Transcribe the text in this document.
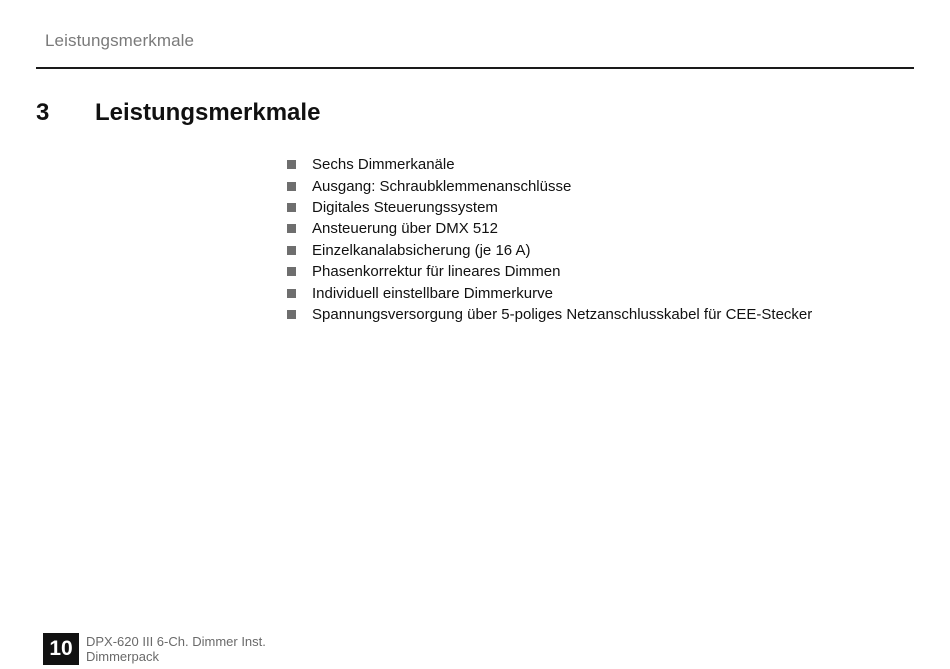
Leistungsmerkmale
3	Leistungsmerkmale
Sechs Dimmerkanäle
Ausgang: Schraubklemmenanschlüsse
Digitales Steuerungssystem
Ansteuerung über DMX 512
Einzelkanalabsicherung (je 16 A)
Phasenkorrektur für lineares Dimmen
Individuell einstellbare Dimmerkurve
Spannungsversorgung über 5-poliges Netzanschlusskabel für CEE-Stecker
10	DPX-620 III 6-Ch. Dimmer Inst.
Dimmerpack
